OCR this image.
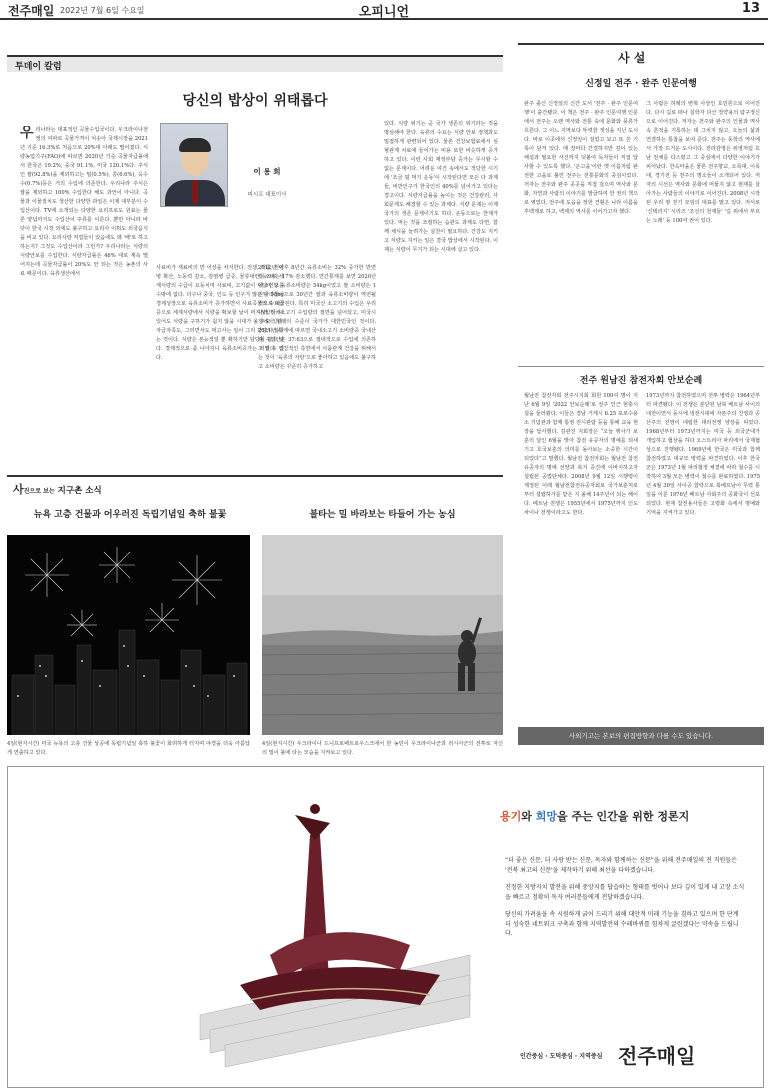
전주매일 2022년 7월 6일 수요일	오피니언	13
투데이 칼럼
당신의 밥상이 위태롭다
이 용 희
피시프 대표이사
우리나라는 대표적인 곡물수입국이다. 우크라이나전쟁의 여파로 곡물가격이 치솟아 국제시장을 2021년 기준 16.3%로 처음으로 20%대 아래도 떨어졌다. 식량농업기구(FAO)에 따르면 2020년 기준 곡물자급률에서 한국은 19.2%, 중국 91.1%, 미국 120.1%다. 주식인 쌀(92.8%)을 제외하고는 밀(0.5%), 콩(6.6%), 옥수수(0.7%)등은 거의 수입에 의존한다. 우리나라 주식은 쌀을 제외하고 100% 수입한다 해도 과언이 아니다. 곡물과 이물질치도 생산한 다양한 과일은 이제 대부분이 수입산이다. TV에 소개되는 다양한 요리프로도 원료는 물론 양념까지도 수입산이 주류를 이룬다. 뿐만 아니라 바닷이 한국 시장 외에도 불구하고 요리사 이뤄도 외국음식을 비교 있다. 요리사랑 직업들이 있음에도 왜 '배'로 하고 하는지? 그것도 수입산이라 그런가? 우리나라는 식량의 식량안보를 수입한다. 식량자급률은 46% 대로 계속 떨어지는데 곡물자급률이 20%도 안 되는 것은 농촌의 사료 때문이다. 육류생산에서
사료비가 재료비의 반 이상을 차지한다. 전쟁, 가뭄, 전염병 확산, 노동력 감소, 감염병 급증, 물류대란 등으로 세계식량의 수급이 요동치며 사료비, 고기값이 덩달아 오를 수밖에 없다. 더구나 중국, 인도 등 인구가 많은 나라들이 경제성장으로 육류소비가 증가하면서 사료곡물의 수요급증으로 세계식량에서 식량을 확보할 날이 머지않았다. 이 있어도 식량을 구하기가 쉽지 않을 시대가 올 수도 있다. 자급자족도, 그러면서도 먹고사는 일이 그리 간단치 않다는 것이다. 식량은 본능적일 뿐 확하기만 담당될 겁지 않다. 경제적으로 좀 나아지니 육류소비증가는 어쩔 수 없다.
2012년 이후 8년간 육류소비는 32% 증가한 반면 쌀 소비는 17% 감소했다. 연간통계를 보면 2020년에 1인당 육류소비량은 54kg이었고 쌀 소비량은 1인당 58kg으로 30년간 쌀과 육류소비량이 역전될 것으로 예상된다. 특히 미국산 소고기의 수입은 우리나라 정체소고기 수입량의 절반을 넘어섰고, 미국시장에서 현재의 수준이 국가가 대한민국인 것이다. 2021년 통계에 따르면 국내소고기 소비량중 국내산과 수입산은 37:63으로 절대적으로 수입에 의존하고 있다. 건강적인 측면에서 식품관계 건강을 위해서는 것이 '육류의 자랑'으로 좋아하고 있음에도 불구하고 소비량은 꾸준히 증가하고
있다. 식량 위기는 곧 국가 생존의 위기라는 것을 명심해야 한다. 육류의 수요는 식량 안보 정책과도 밀접하게 관련되어 있다. 물론 건강보험료에서 심혈관계 치료에 들어가는 비용 또한 비슷하게 증가하고 있다. 이런 사회 재정부담 증가는 무시할 수 없는 문제이다. 어려운 여건 속에서도 적당한 시기에 '조금 덜 먹기 운동'이 시작된다면 모든 다 과제들, 비만인구가 한국인의 40%를 넘어가고 있다는 경고이다. 식량자급률을 높이는 것은 건강관리, 사회문제도 해결할 수 있는 과제다. 식량 문제는 이제 국가의 생존 문제이기도 하다. 운동으로는 한계가 있다. 먹는 것을 조절하는 습관도 과제도 다면, 함께 채식을 늘려가는 실천이 필요하다. 건강도 지키고 식량도 지키는 일은 결국 밥상에서 시작된다. 이제는 식량이 무기가 되는 시대에 살고 있다.
사 설
신정일 전주 · 완주 인문여행
완주 출신 신정일의 신간 도서 '전주 · 완주 인문여행'이 출간됐다. 이 책은 전주 · 완주 인문여행 인문에서 전주는 오랜 역사와 전통 속에 문화와 풍류가 흐른다. 그 어느 지역보다 뚜렷한 개성을 지닌 도시다. 바로 이곳에서 신정일이 걸었고 보고 또 쓴 기록이 담겨 있다. 매 장마다 간결하지만 깊이 있는 해설과 필요한 사진까지 덧붙여 독자들이 직접 답사할 수 있도록 했다. '온고을'이란 옛 이름처럼 완전한 고을로 불린 전주는 전통문화의 중심이었다. 저자는 전주와 완주 곳곳을 직접 걸으며 역사와 문화, 자연과 사람의 이야기를 발굴하여 한 권의 책으로 엮었다. 전주에 도읍을 정한 견훤은 나라 이름을 후백제로 하고, 백제의 역사를 이어가고자 했다.
그 사람은 허례의 변혁 사상인 호민론으로 이어진다. 다시 길로 떠나 실학자 다산 정약용의 탐구정신으로 이어진다. 저자는 전주와 완주의 인물과 역사 속 흔적을 기록하는 데 그치지 않고, 오늘의 삶과 연결하는 통찰을 보여 준다. 전주는 동학의 역사에서 가장 뜨거운 도시이다. 전라감영은 위영처럼 호남 전체를 다스렸고 그 중심에서 다양한 이야기가 피어났다. 한옥마을은 물론 전주향교, 오목대, 이목대, 경기전 등 전주의 명소들이 소개되어 있다. 저자의 시선은 역사와 문화에 머물지 않고 현재를 살아가는 사람들의 이야기로 이어진다. 2008년 시작된 우리 땅 걷기 모임의 대표를 맡고 있다. 저서로 '신택리지' 시리즈 '조선의 천재들' '길 위에서 부르는 노래' 등 100여 권이 있다.
전주 원남진 참전자회 안보순례
월남전 참전자회 전주시지회 회원 100여 명이 지난 6월 9일 '2022 안보순례'로 전주 인근 현충시설을 둘러봤다. 이들은 경남 거제시 6.25 포로수용소 기념관과 함께 통영 전시관람 등을 통해 교육 현장을 답사했다. 김관진 지회장은 “오늘 행사가 보훈의 달인 6월을 맞아 참전 유공자의 명예를 되새기고 호국보훈의 의미를 돌아보는 소중한 시간이 되었다”고 말했다. 월남전 참전자회는 월남전 참전 유공자의 명예 선양과 복지 증진에 이바지하고자 설립된 공법단체다. 2008년 9월 12일 시행령이 제정된 이래 월남전참전유공자회로 국가보훈처로부터 설립허가를 받은 지 올해 14주년이 되는 해이다. 베트남 전쟁은 1955년에서 1975년까지 인도차이나 전쟁이라고도 한다.
1973년까지 참전하였으며 전투 병력은 1964년부터 파견됐다. 이 전쟁은 분단된 남북 베트남 사이의 내전이면서 동시에 냉전시대에 자본주의 진영과 공산주의 진영이 대립한 대리전쟁 양상을 띠었다. 1968년부터 1973년까지는 미국 등 외국군대가 개입하고 협상을 하다 오스트리아 파리에서 국제협상으로 진행됐다. 1969년에 한국은 미국과 함께 참전하였고 대규모 병력을 파견하였다. 이후 한국군은 1973년 1월 파리협정 체결에 따라 철수를 시작하여 3월 모든 병력이 철수를 완료하였다. 1975년 4월 30일 사이공 함락으로 북베트남이 무력 통일을 이룬 1976년 베트남 사회주의 공화국이 선포되었다. 현재 참전용사들은 고령화 속에서 명예와 기억을 지켜가고 있다.
사외기고는 본보의 편집방향과 다를 수도 있습니다.
사진으로 보는 지구촌 소식
뉴욕 고층 건물과 어우러진 독립기념일 축하 불꽃	불타는 밀 바라보는 타들어 가는 농심
4일(현지시간) 미국 뉴욕의 고층 건물 상공에 독립기념일 축하 불꽃이 화려하게 터지며 야경을 더욱 아름답게 연출하고 있다.
4일(현지시간) 우크라이나 드니프로페트로우스크에서 한 농민이 우크라이나군과 러시아군의 전투로 자신의 밀이 불에 타는 모습을 지켜보고 있다.
용기와 희망을 주는 인간을 위한 정론지

“더 좋은 신문, 더 사랑 받는 신문, 독자와 함께하는 신문”을 위해 전주매일의 전 직원들은 '전북 최고의 신문'을 제작하기 위해 최선을 다하겠습니다.

진정한 지방자치 발전을 위해 중앙지를 답습하는 형태를 벗어나 보다 깊이 있게 내 고장 소식을 빠르고 정확히 독자 여러분들에게 전달하겠습니다.

당신의 가려움을 속 시원하게 긁어 드리기 위해 대안적 미래 기능을 겸하고 있으며 한 단계 더 성숙한 네트워크 구축과 함께 지역발전의 수레바퀴를 힘차게 굴린겠다는 약속을 드립니다.

인간중심 · 도덕중심 · 지역중심 전주매일
